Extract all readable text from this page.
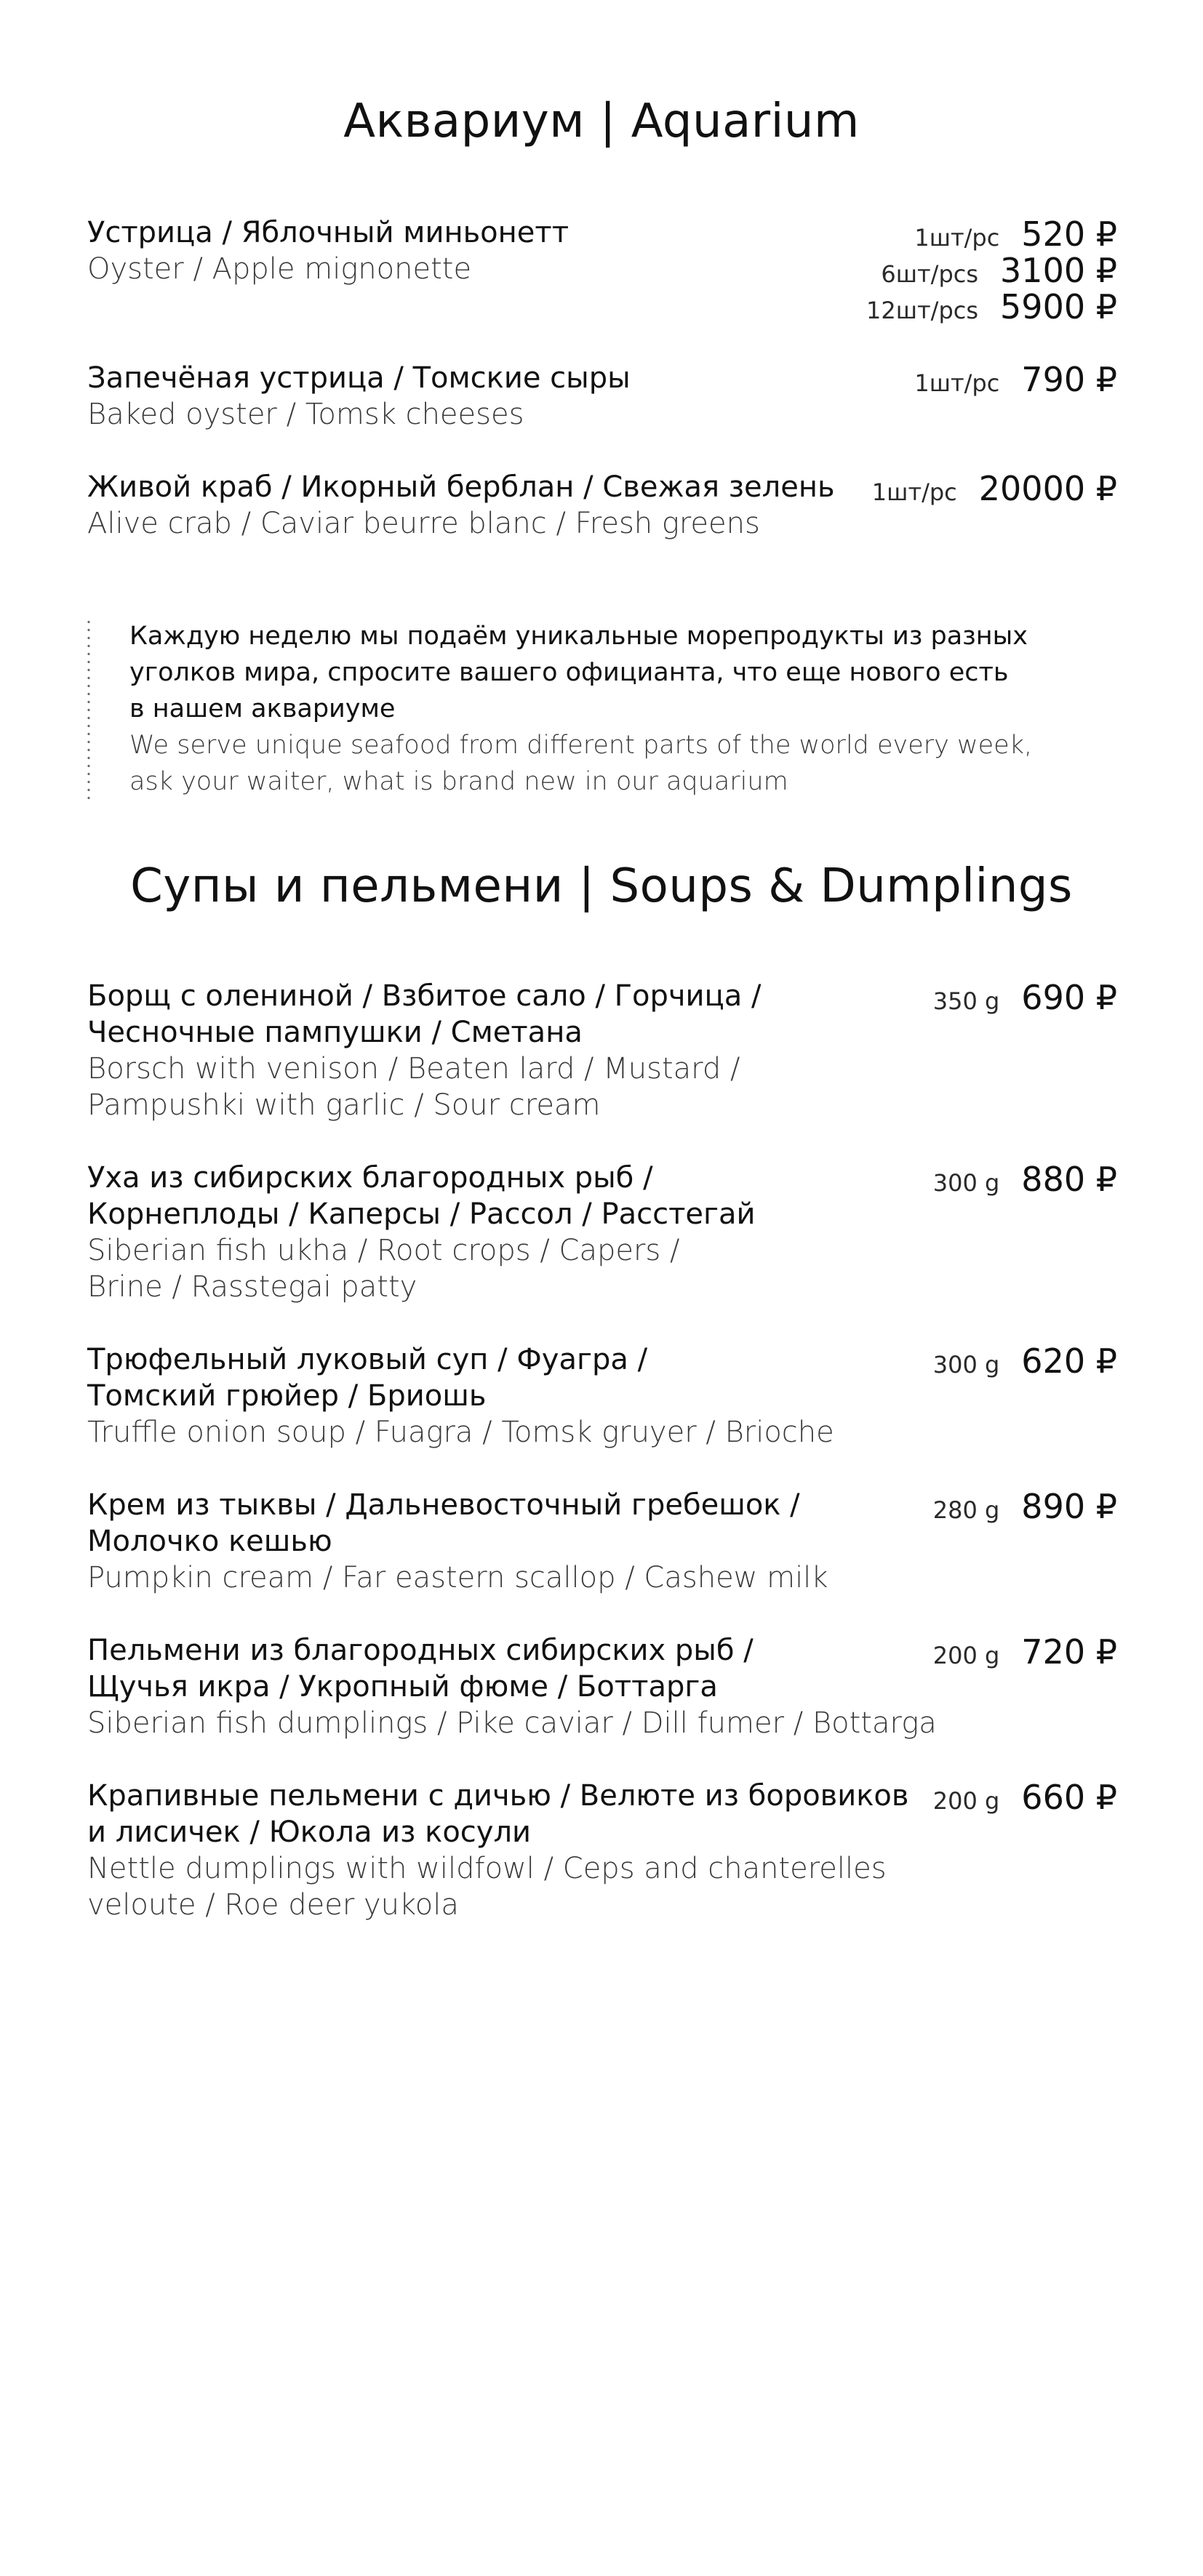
Аквариум | Aquarium
Устрица / Яблочный миньонетт
Oyster / Apple mignonette
1шт/pc 520 ₽
6шт/pcs 3100 ₽
12шт/pcs 5900 ₽
Запечёная устрица / Томские сыры
Baked oyster / Tomsk cheeses
1шт/pc 790 ₽
Живой краб / Икорный берблан / Свежая зелень
Alive crab / Caviar beurre blanc / Fresh greens
1шт/pc 20000 ₽
Каждую неделю мы подаём уникальные морепродукты из разных
уголков мира, спросите вашего официанта, что еще нового есть
в нашем аквариуме
We serve unique seafood from different parts of the world every week,
ask your waiter, what is brand new in our aquarium
Супы и пельмени | Soups & Dumplings
Борщ с олениной / Взбитое сало / Горчица /
Чесночные пампушки / Сметана
Borsch with venison / Beaten lard / Mustard /
Pampushki with garlic / Sour cream
350 g 690 ₽
Уха из сибирских благородных рыб /
Корнеплоды / Каперсы / Рассол / Расстегай
Siberian fish ukha / Root crops / Capers /
Brine / Rasstegai patty
300 g 880 ₽
Трюфельный луковый суп / Фуагра /
Томский грюйер / Бриошь
Truffle onion soup / Fuagra / Tomsk gruyer / Brioche
300 g 620 ₽
Крем из тыквы / Дальневосточный гребешок /
Молочко кешью
Pumpkin cream / Far eastern scallop / Cashew milk
280 g 890 ₽
Пельмени из благородных сибирских рыб /
Щучья икра / Укропный фюме / Боттарга
Siberian fish dumplings / Pike caviar / Dill fumer / Bottarga
200 g 720 ₽
Крапивные пельмени с дичью / Велюте из боровиков
и лисичек / Юкола из косули
Nettle dumplings with wildfowl / Ceps and chanterelles
veloute / Roe deer yukola
200 g 660 ₽
